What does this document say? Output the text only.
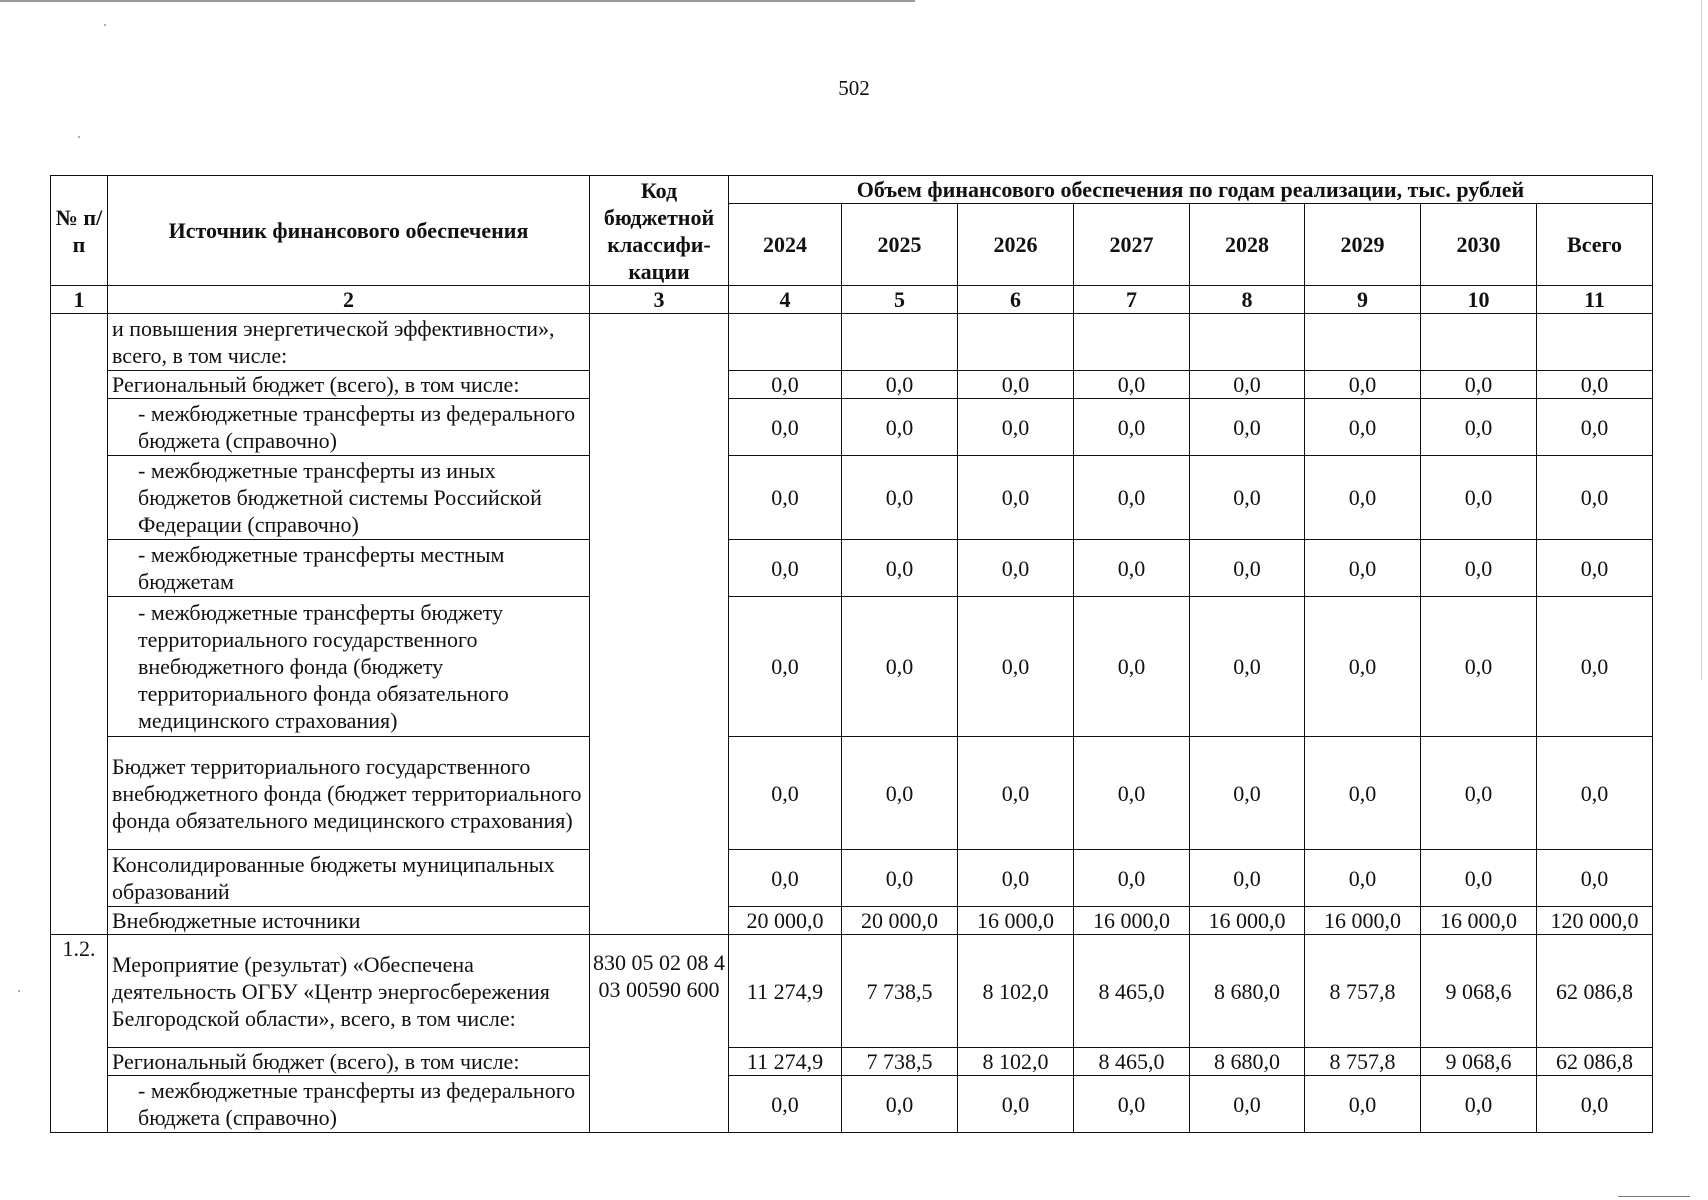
502
№ п/п	Источник финансового обеспечения	Код бюджетной классифи-кации	Объем финансового обеспечения по годам реализации, тыс. рублей							
			2024	2025	2026	2027	2028	2029	2030	Всего
1	2	3	4	5	6	7	8	9	10	11
	и повышения энергетической эффективности», всего, в том числе:									
	Региональный бюджет (всего), в том числе:		0,0	0,0	0,0	0,0	0,0	0,0	0,0	0,0
	- межбюджетные трансферты из федерального бюджета (справочно)		0,0	0,0	0,0	0,0	0,0	0,0	0,0	0,0
	- межбюджетные трансферты из иных бюджетов бюджетной системы Российской Федерации (справочно)		0,0	0,0	0,0	0,0	0,0	0,0	0,0	0,0
	- межбюджетные трансферты местным бюджетам		0,0	0,0	0,0	0,0	0,0	0,0	0,0	0,0
	- межбюджетные трансферты бюджету территориального государственного внебюджетного фонда (бюджету территориального фонда обязательного медицинского страхования)		0,0	0,0	0,0	0,0	0,0	0,0	0,0	0,0
	Бюджет территориального государственного внебюджетного фонда (бюджет территориального фонда обязательного медицинского страхования)		0,0	0,0	0,0	0,0	0,0	0,0	0,0	0,0
	Консолидированные бюджеты муниципальных образований		0,0	0,0	0,0	0,0	0,0	0,0	0,0	0,0
	Внебюджетные источники		20 000,0	20 000,0	16 000,0	16 000,0	16 000,0	16 000,0	16 000,0	120 000,0
1.2.	Мероприятие (результат) «Обеспечена деятельность ОГБУ «Центр энергосбережения Белгородской области», всего, в том числе:	830 05 02 08 4 03 00590 600	11 274,9	7 738,5	8 102,0	8 465,0	8 680,0	8 757,8	9 068,6	62 086,8
	Региональный бюджет (всего), в том числе:		11 274,9	7 738,5	8 102,0	8 465,0	8 680,0	8 757,8	9 068,6	62 086,8
	- межбюджетные трансферты из федерального бюджета (справочно)		0,0	0,0	0,0	0,0	0,0	0,0	0,0	0,0
